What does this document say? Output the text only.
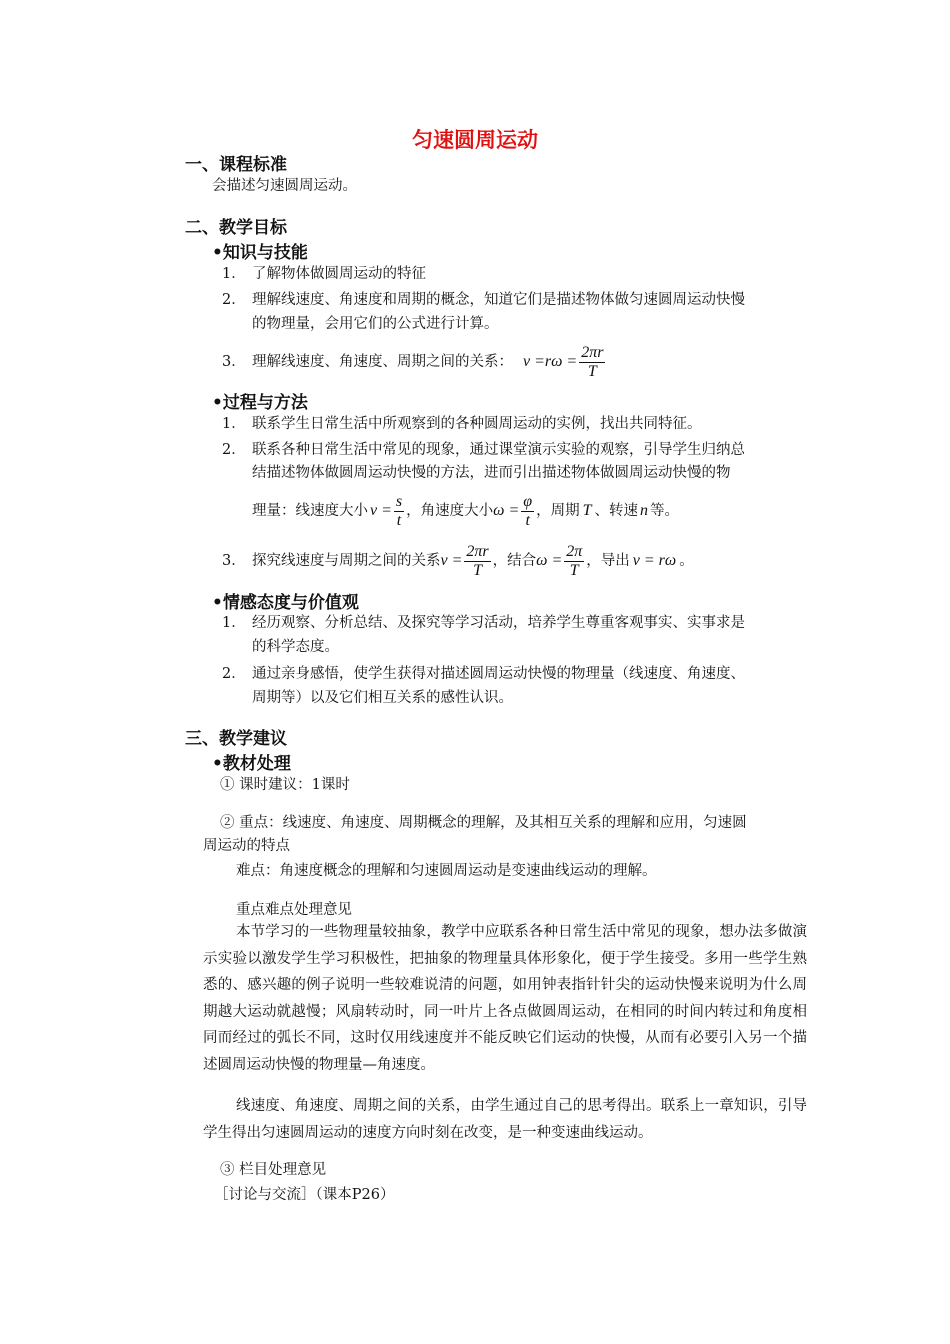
匀速圆周运动
一、课程标准
会描述匀速圆周运动。
二、教学目标
•知识与技能
1． 了解物体做圆周运动的特征
2． 理解线速度、角速度和周期的概念，知道它们是描述物体做匀速圆周运动快慢
的物理量，会用它们的公式进行计算。
3． 理解线速度、角速度、周期之间的关系： $v =r\omega = \frac{2\pi r}{T}$
•过程与方法
1． 联系学生日常生活中所观察到的各种圆周运动的实例，找出共同特征。
2． 联系各种日常生活中常见的现象，通过课堂演示实验的观察，引导学生归纳总
结描述物体做圆周运动快慢的方法，进而引出描述物体做圆周运动快慢的物
理量：线速度大小 $v = \frac{s}{t}$ ，角速度大小 $\omega = \frac{\varphi}{t}$ ，周期 T 、转速 n 等。
3． 探究线速度与周期之间的关系 $v = \frac{2\pi r}{T}$ ，结合 $\omega = \frac{2\pi}{T}$ ，导出 v = rω 。
•情感态度与价值观
1． 经历观察、分析总结、及探究等学习活动，培养学生尊重客观事实、实事求是
的科学态度。
2． 通过亲身感悟，使学生获得对描述圆周运动快慢的物理量（线速度、角速度、
周期等）以及它们相互关系的感性认识。
三、教学建议
•教材处理
① 课时建议：1课时
② 重点：线速度、角速度、周期概念的理解，及其相互关系的理解和应用，匀速圆
周运动的特点
难点：角速度概念的理解和匀速圆周运动是变速曲线运动的理解。
重点难点处理意见
本节学习的一些物理量较抽象，教学中应联系各种日常生活中常见的现象，想办法多做演示实验以激发学生学习积极性，把抽象的物理量具体形象化，便于学生接受。多用一些学生熟悉的、感兴趣的例子说明一些较难说清的问题，如用钟表指针针尖的运动快慢来说明为什么周期越大运动就越慢；风扇转动时，同一叶片上各点做圆周运动，在相同的时间内转过和角度相同而经过的弧长不同，这时仅用线速度并不能反映它们运动的快慢，从而有必要引入另一个描述圆周运动快慢的物理量—角速度。
线速度、角速度、周期之间的关系，由学生通过自己的思考得出。联系上一章知识，引导学生得出匀速圆周运动的速度方向时刻在改变，是一种变速曲线运动。
③ 栏目处理意见
［讨论与交流］（课本P26）
